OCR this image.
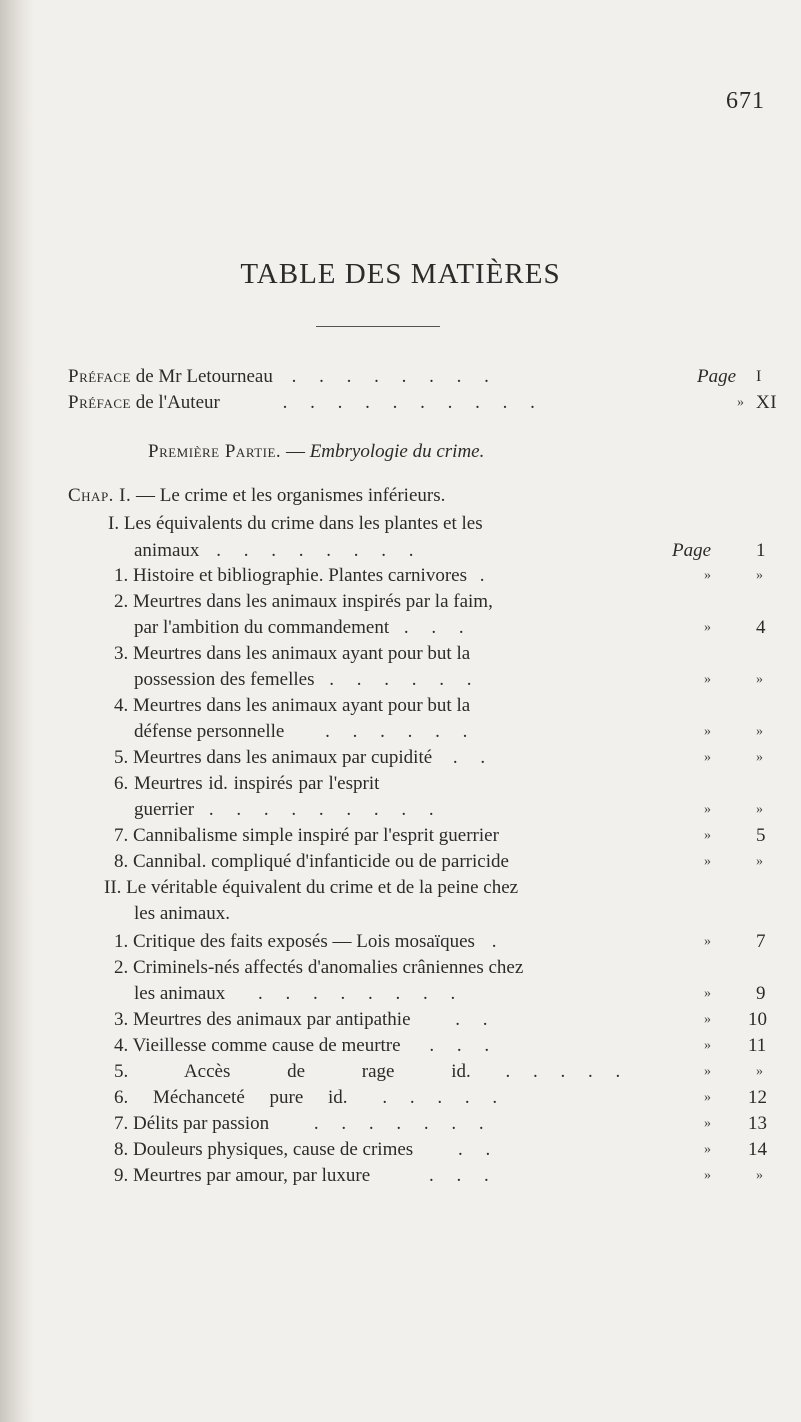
671
TABLE DES MATIÈRES
Préface de Mr Letourneau . . . . . . . .	Page I
Préface de l'Auteur	. . . . . . . . . .	» XI
Première Partie. — Embryologie du crime.
Chap. I. — Le crime et les organismes inférieurs.
I. Les équivalents du crime dans les plantes et les
animaux . . . . . . . .	Page 1
1. Histoire et bibliographie. Plantes carnivores .	»	»
2. Meurtres dans les animaux inspirés par la faim,
par l'ambition du commandement . . .	» 4
3. Meurtres dans les animaux ayant pour but la
possession des femelles . . . . . .	»	»
4. Meurtres dans les animaux ayant pour but la
défense personnelle . . . . . .	»	»
5. Meurtres dans les animaux par cupidité . .	»	»
6. Meurtres id. inspirés par l'esprit
guerrier . . . . . . . . .	»	»
7. Cannibalisme simple inspiré par l'esprit guerrier	» 5
8. Cannibal. compliqué d'infanticide ou de parricide	»	»
II. Le véritable équivalent du crime et de la peine chez
les animaux.
1. Critique des faits exposés — Lois mosaïques .	» 7
2. Criminels-nés affectés d'anomalies crâniennes chez
les animaux . . . . . . . .	» 9
3. Meurtres des animaux par antipathie . .	» 10
4. Vieillesse comme cause de meurtre . . .	» 11
5. Accès de rage id. . . . . .	»	»
6. Méchanceté pure id. . . . . .	» 12
7. Délits par passion . . . . . . .	» 13
8. Douleurs physiques, cause de crimes . .	» 14
9. Meurtres par amour, par luxure	. . .	»	»
